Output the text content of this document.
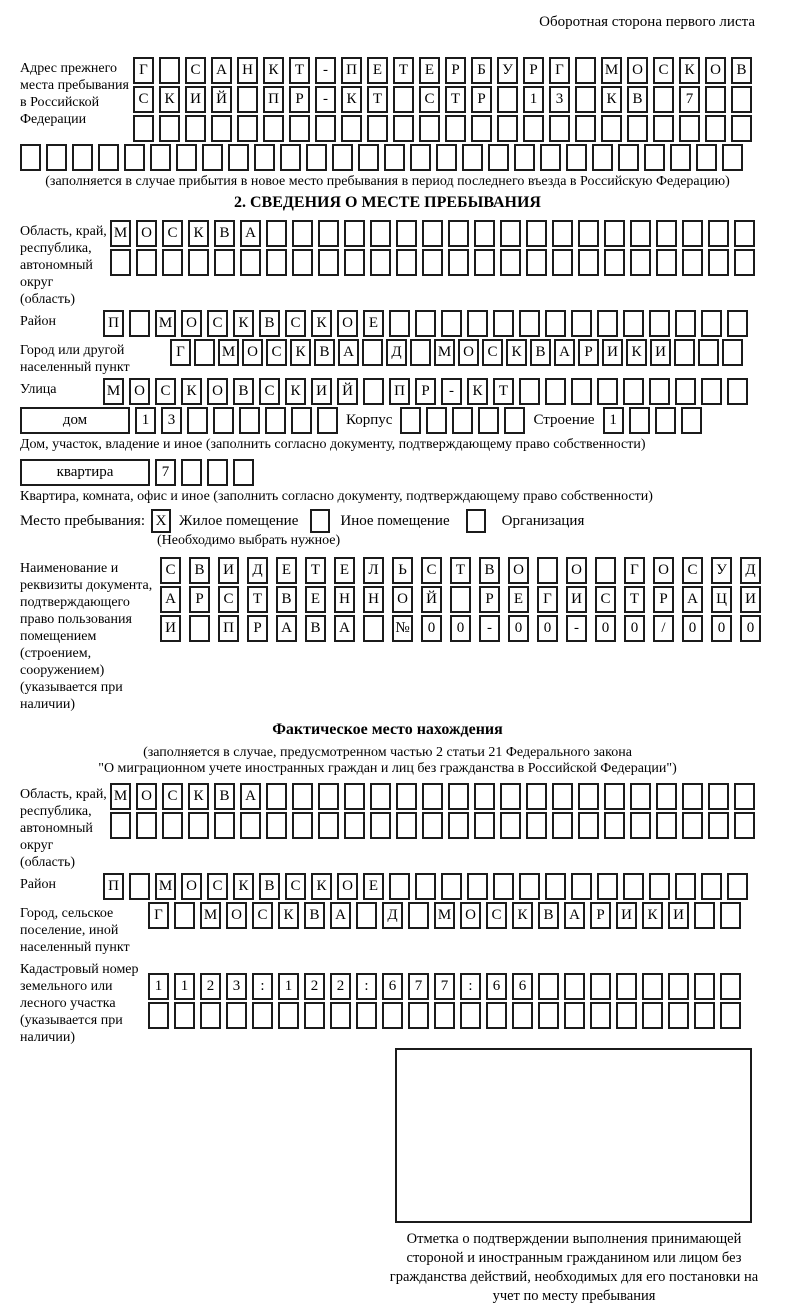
Оборотная сторона первого листа
Адрес прежнего места пребывания в Российской Федерации
Г	С	А	Н	К	Т	-	П	Е	Т	Е	Р	Б	У	Р	Г	М О	С	К	О	В
С	К	И	Й	П	Р	-	К	Т	С	Т	Р	1	3	К	В	7
(заполняется в случае прибытия в новое место пребывания в период последнего въезда в Российскую Федерацию)
2. СВЕДЕНИЯ О МЕСТЕ ПРЕБЫВАНИЯ
Область, край, республика, автономный округ (область)
М О	С	К	В	А
Район	П	М О	С	К	В	С	К	О	Е
Город или другой населенный пункт
Г	М О С К В А	Д	М О С К В А Р И К И
Улица	М О	С	К	О	В	С	К	И	Й	П	Р	-	К	Т
дом	1	3	Корпус	Строение 1
Дом, участок, владение и иное (заполнить согласно документу, подтверждающему право собственности)
квартира	7
Квартира, комната, офис и иное (заполнить согласно документу, подтверждающему право собственности)
Место пребывания: X Жилое помещение	Иное помещение	Организация
(Необходимо выбрать нужное)
Наименование и реквизиты документа, подтверждающего право пользования помещением (строением, сооружением) (указывается при наличии)
С	В	И	Д	Е	Т	Е	Л	Ь	С	Т	В	О	О	Г	О	С	У	Д
А	Р	С	Т	В	Е	Н	Н	О	Й	Р	Е	Г	И	С	Т	Р	А	Ц	И
И	П	Р	А	В	А	№	0	0	-	0	0	-	0	0	/	0	0	0
Фактическое место нахождения
(заполняется в случае, предусмотренном частью 2 статьи 21 Федерального закона
"О миграционном учете иностранных граждан и лиц без гражданства в Российской Федерации")
Область, край, республика, автономный округ (область)
М О	С	К	В	А
Район	П	М О	С	К	В	С	К	О	Е
Город, сельское поселение, иной населенный пункт
Г	М О	С	К	В	А	Д	М О	С	К	В	А	Р	И	К	И
Кадастровый номер земельного или лесного участка (указывается при наличии)
1	1	2	3	:	1	2	2	:	6	7	7	:	6	6
Отметка о подтверждении выполнения принимающей стороной и иностранным гражданином или лицом без гражданства действий, необходимых для его постановки на учет по месту пребывания
